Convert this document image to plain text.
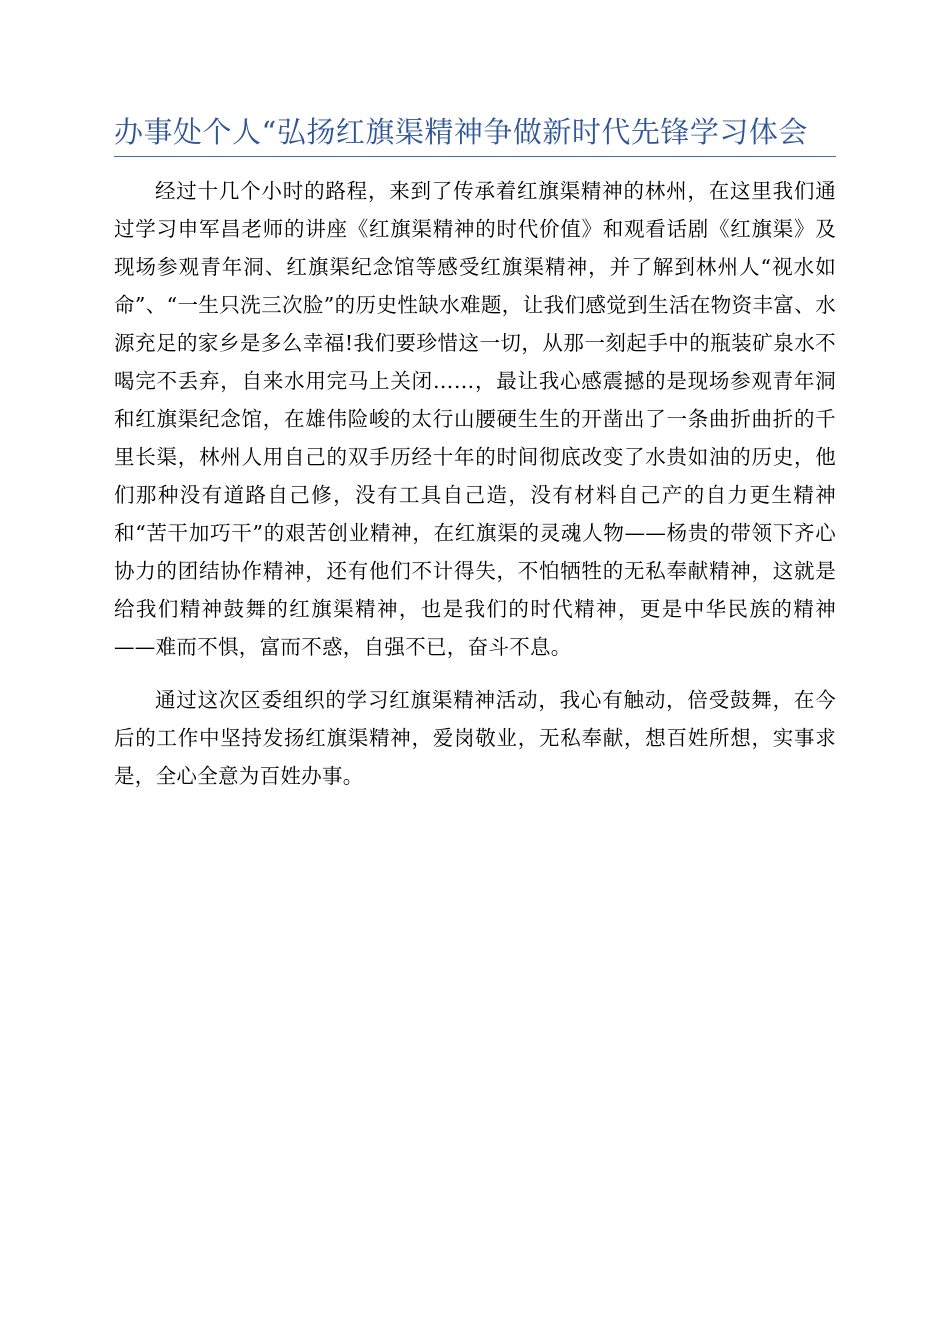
办事处个人“弘扬红旗渠精神争做新时代先锋学习体会

经过十几个小时的路程，来到了传承着红旗渠精神的林州，在这里我们通过学习申军昌老师的讲座《红旗渠精神的时代价值》和观看话剧《红旗渠》及现场参观青年洞、红旗渠纪念馆等感受红旗渠精神，并了解到林州人“视水如命”、“一生只洗三次脸”的历史性缺水难题，让我们感觉到生活在物资丰富、水源充足的家乡是多么幸福!我们要珍惜这一切，从那一刻起手中的瓶装矿泉水不喝完不丢弃，自来水用完马上关闭……，最让我心感震撼的是现场参观青年洞和红旗渠纪念馆，在雄伟险峻的太行山腰硬生生的开凿出了一条曲折曲折的千里长渠，林州人用自己的双手历经十年的时间彻底改变了水贵如油的历史，他们那种没有道路自己修，没有工具自己造，没有材料自己产的自力更生精神和“苦干加巧干”的艰苦创业精神，在红旗渠的灵魂人物——杨贵的带领下齐心协力的团结协作精神，还有他们不计得失，不怕牺牲的无私奉献精神，这就是给我们精神鼓舞的红旗渠精神，也是我们的时代精神，更是中华民族的精神——难而不惧，富而不惑，自强不已，奋斗不息。

通过这次区委组织的学习红旗渠精神活动，我心有触动，倍受鼓舞，在今后的工作中坚持发扬红旗渠精神，爱岗敬业，无私奉献，想百姓所想，实事求是，全心全意为百姓办事。
